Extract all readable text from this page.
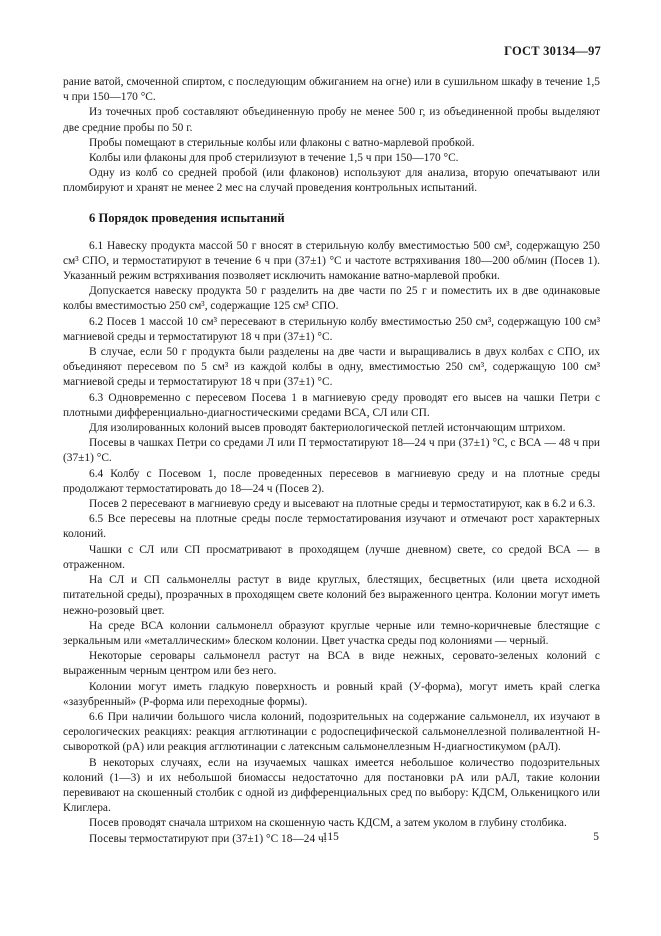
ГОСТ 30134—97

рание ватой, смоченной спиртом, с последующим обжиганием на огне) или в сушильном шкафу в течение 1,5 ч при 150—170 °С.

Из точечных проб составляют объединенную пробу не менее 500 г, из объединенной пробы выделяют две средние пробы по 50 г.

Пробы помещают в стерильные колбы или флаконы с ватно-марлевой пробкой.

Колбы или флаконы для проб стерилизуют в течение 1,5 ч при 150—170 °С.

Одну из колб со средней пробой (или флаконов) используют для анализа, вторую опечатывают или пломбируют и хранят не менее 2 мес на случай проведения контрольных испытаний.

6 Порядок проведения испытаний

6.1 Навеску продукта массой 50 г вносят в стерильную колбу вместимостью 500 см³, содержащую 250 см³ СПО, и термостатируют в течение 6 ч при (37±1) °С и частоте встряхивания 180—200 об/мин (Посев 1). Указанный режим встряхивания позволяет исключить намокание ватно-марлевой пробки.

Допускается навеску продукта 50 г разделить на две части по 25 г и поместить их в две одинаковые колбы вместимостью 250 см³, содержащие 125 см³ СПО.

6.2 Посев 1 массой 10 см³ пересевают в стерильную колбу вместимостью 250 см³, содержащую 100 см³ магниевой среды и термостатируют 18 ч при (37±1) °С.

В случае, если 50 г продукта были разделены на две части и выращивались в двух колбах с СПО, их объединяют пересевом по 5 см³ из каждой колбы в одну, вместимостью 250 см³, содержащую 100 см³ магниевой среды и термостатируют 18 ч при (37±1) °С.

6.3 Одновременно с пересевом Посева 1 в магниевую среду проводят его высев на чашки Петри с плотными дифференциально-диагностическими средами ВСА, СЛ или СП.

Для изолированных колоний высев проводят бактериологической петлей истончающим штрихом.

Посевы в чашках Петри со средами Л или П термостатируют 18—24 ч при (37±1) °С, с ВСА — 48 ч при (37±1) °С.

6.4 Колбу с Посевом 1, после проведенных пересевов в магниевую среду и на плотные среды продолжают термостатировать до 18—24 ч (Посев 2).

Посев 2 пересевают в магниевую среду и высевают на плотные среды и термостатируют, как в 6.2 и 6.3.

6.5 Все пересевы на плотные среды после термостатирования изучают и отмечают рост характерных колоний.

Чашки с СЛ или СП просматривают в проходящем (лучше дневном) свете, со средой ВСА — в отраженном.

На СЛ и СП сальмонеллы растут в виде круглых, блестящих, бесцветных (или цвета исходной питательной среды), прозрачных в проходящем свете колоний без выраженного центра. Колонии могут иметь нежно-розовый цвет.

На среде ВСА колонии сальмонелл образуют круглые черные или темно-коричневые блестящие с зеркальным или «металлическим» блеском колонии. Цвет участка среды под колониями — черный.

Некоторые серовары сальмонелл растут на ВСА в виде нежных, серовато-зеленых колоний с выраженным черным центром или без него.

Колонии могут иметь гладкую поверхность и ровный край (У-форма), могут иметь край слегка «зазубренный» (Р-форма или переходные формы).

6.6 При наличии большого числа колоний, подозрительных на содержание сальмонелл, их изучают в серологических реакциях: реакция агглютинации с родоспецифической сальмонеллезной поливалентной Н-сывороткой (рА) или реакция агглютинации с латексным сальмонеллезным Н-диагностикумом (рАЛ).

В некоторых случаях, если на изучаемых чашках имеется небольшое количество подозрительных колоний (1—3) и их небольшой биомассы недостаточно для постановки рА или рАЛ, такие колонии перевивают на скошенный столбик с одной из дифференциальных сред по выбору: КДСМ, Олькеницкого или Клиглера.

Посев проводят сначала штрихом на скошенную часть КДСМ, а затем уколом в глубину столбика.

Посевы термостатируют при (37±1) °С 18—24 ч.

115	5
